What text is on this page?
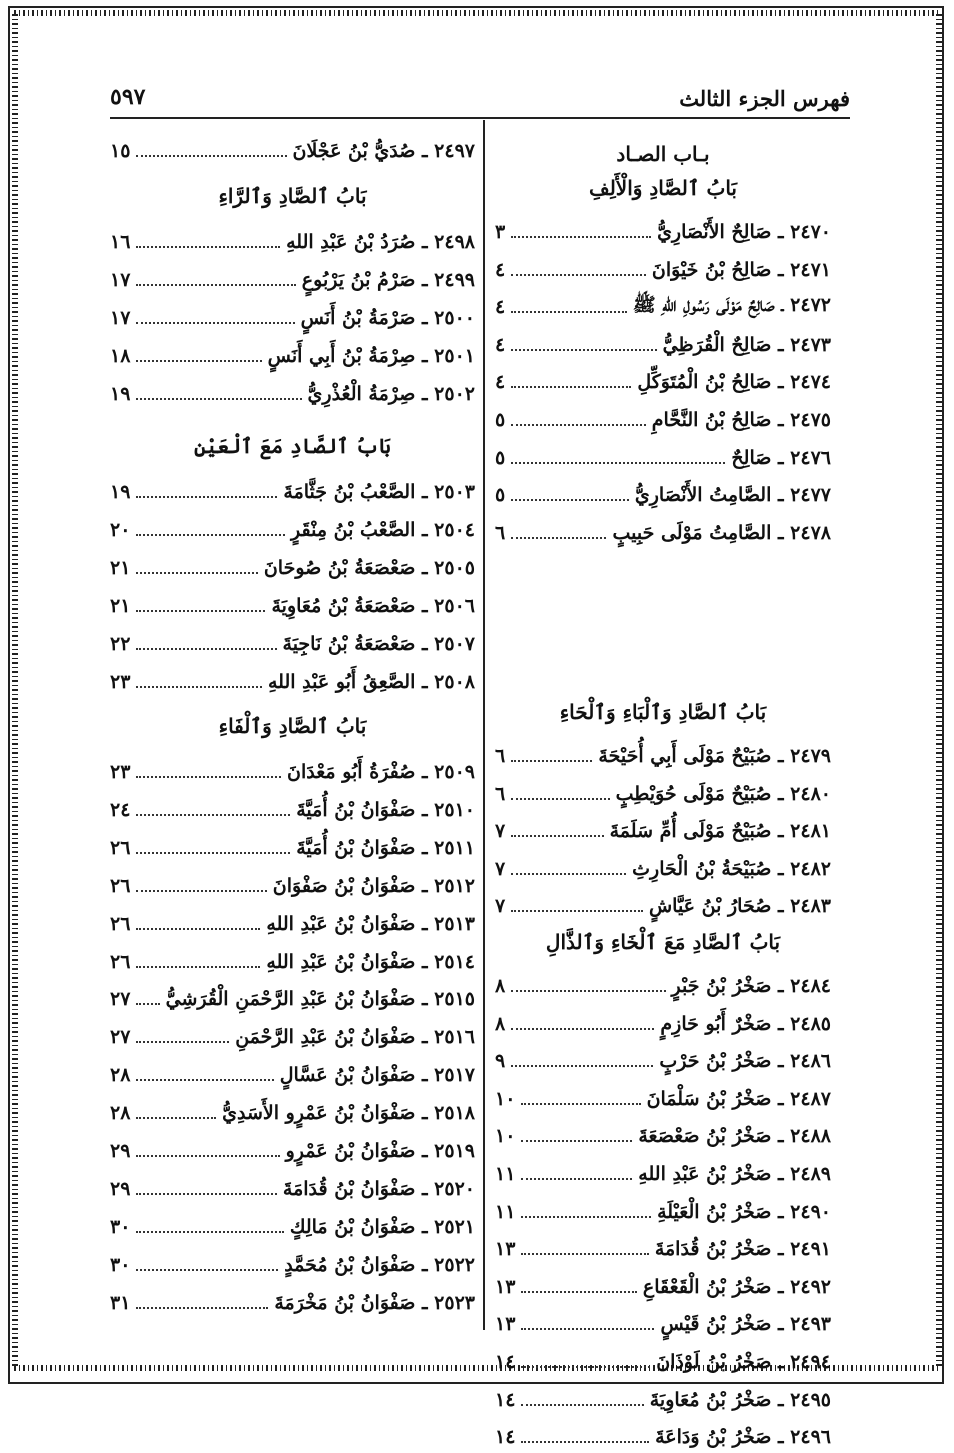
فهرس الجزء الثالث
٥٩٧
بـاب الصـاد
بَابُ ٱلصَّادِ وَالْأَلِفِ
٢٤٧٠ ـ صَالِحٌ الأَنْصَارِيُّ
٣
٢٤٧١ ـ صَالِحُ بْنُ خَيْوَانَ
٤
٢٤٧٢ ـ صَالِحٌ مَوْلَى رَسُولِ اللهِ ﷺ
٤
٢٤٧٣ ـ صَالِحٌ الْقُرَظِيُّ
٤
٢٤٧٤ ـ صَالِحُ بْنُ الْمُتَوَكِّلِ
٤
٢٤٧٥ ـ صَالِحُ بْنُ النَّحَّامِ
٥
٢٤٧٦ ـ صَالِحٌ
٥
٢٤٧٧ ـ الصَّامِتُ الأَنْصَارِيُّ
٥
٢٤٧٨ ـ الصَّامِتُ مَوْلَى حَبِيبٍ
٦
بَابُ ٱلصَّادِ وَٱلْبَاءِ وَٱلْحَاءِ
٢٤٧٩ ـ صُبَيْحٌ مَوْلَى أَبِي أُحَيْحَةَ
٦
٢٤٨٠ ـ صُبَيْحٌ مَوْلَى حُوَيْطِبٍ
٦
٢٤٨١ ـ صُبَيْحٌ مَوْلَى أُمِّ سَلَمَةَ
٧
٢٤٨٢ ـ صُبَيْحَةُ بْنُ الْحَارِثِ
٧
٢٤٨٣ ـ صُحَارُ بْنُ عَيَّاشٍ
٧
بَابُ ٱلصَّادِ مَعَ ٱلْخَاءِ وَٱلذَّالِ
٢٤٨٤ ـ صَخْرُ بْنُ جَبْرٍ
٨
٢٤٨٥ ـ صَخْرٌ أَبُو حَازِمٍ
٨
٢٤٨٦ ـ صَخْرُ بْنُ حَرْبٍ
٩
٢٤٨٧ ـ صَخْرُ بْنُ سَلْمَانَ
١٠
٢٤٨٨ ـ صَخْرُ بْنُ صَعْصَعَةَ
١٠
٢٤٨٩ ـ صَخْرُ بْنُ عَبْدِ اللهِ
١١
٢٤٩٠ ـ صَخْرُ بْنُ الْعَيْلَةِ
١١
٢٤٩١ ـ صَخْرُ بْنُ قُدَامَةَ
١٣
٢٤٩٢ ـ صَخْرُ بْنُ الْقَعْقَاعِ
١٣
٢٤٩٣ ـ صَخْرُ بْنُ قَيْسٍ
١٣
٢٤٩٤ ـ صَخْرُ بْنُ لَوْذَانَ
١٤
٢٤٩٥ ـ صَخْرُ بْنُ مُعَاوِيَةَ
١٤
٢٤٩٦ ـ صَخْرُ بْنُ وَدَاعَةَ
١٤
٢٤٩٧ ـ صُدَيُّ بْنُ عَجْلَانَ
١٥
بَابُ ٱلصَّادِ وَٱلرَّاءِ
٢٤٩٨ ـ صُرَدُ بْنُ عَبْدِ اللهِ
١٦
٢٤٩٩ ـ صَرْمُ بْنُ يَرْبُوعٍ
١٧
٢٥٠٠ ـ صَرْمَةُ بْنُ أَنَسٍ
١٧
٢٥٠١ ـ صِرْمَةُ بْنُ أَبِي أَنَسٍ
١٨
٢٥٠٢ ـ صِرْمَةُ الْعُذْرِيُّ
١٩
بَابُ ٱلصَّادِ مَعَ ٱلْعَيْنِ
٢٥٠٣ ـ الصَّعْبُ بْنُ جَثَّامَةَ
١٩
٢٥٠٤ ـ الصَّعْبُ بْنُ مِنْقَرٍ
٢٠
٢٥٠٥ ـ صَعْصَعَةُ بْنُ صُوحَانَ
٢١
٢٥٠٦ ـ صَعْصَعَةُ بْنُ مُعَاوِيَةَ
٢١
٢٥٠٧ ـ صَعْصَعَةُ بْنُ نَاجِيَةَ
٢٢
٢٥٠٨ ـ الصَّعِقُ أَبُو عَبْدِ اللهِ
٢٣
بَابُ ٱلصَّادِ وَٱلْفَاءِ
٢٥٠٩ ـ صُفْرَةُ أَبُو مَعْدَانَ
٢٣
٢٥١٠ ـ صَفْوَانُ بْنُ أُمَيَّةَ
٢٤
٢٥١١ ـ صَفْوَانُ بْنُ أُمَيَّةَ
٢٦
٢٥١٢ ـ صَفْوَانُ بْنُ صَفْوَانَ
٢٦
٢٥١٣ ـ صَفْوَانُ بْنُ عَبْدِ اللهِ
٢٦
٢٥١٤ ـ صَفْوَانُ بْنُ عَبْدِ اللهِ
٢٦
٢٥١٥ ـ صَفْوَانُ بْنُ عَبْدِ الرَّحْمَنِ الْقُرَشِيُّ
٢٧
٢٥١٦ ـ صَفْوَانُ بْنُ عَبْدِ الرَّحْمَنِ
٢٧
٢٥١٧ ـ صَفْوَانُ بْنُ عَسَّالٍ
٢٨
٢٥١٨ ـ صَفْوَانُ بْنُ عَمْرٍو الأَسَدِيُّ
٢٨
٢٥١٩ ـ صَفْوَانُ بْنُ عَمْرٍو
٢٩
٢٥٢٠ ـ صَفْوَانُ بْنُ قُدَامَةَ
٢٩
٢٥٢١ ـ صَفْوَانُ بْنُ مَالِكٍ
٣٠
٢٥٢٢ ـ صَفْوَانُ بْنُ مُحَمَّدٍ
٣٠
٢٥٢٣ ـ صَفْوَانُ بْنُ مَخْرَمَةَ
٣١
